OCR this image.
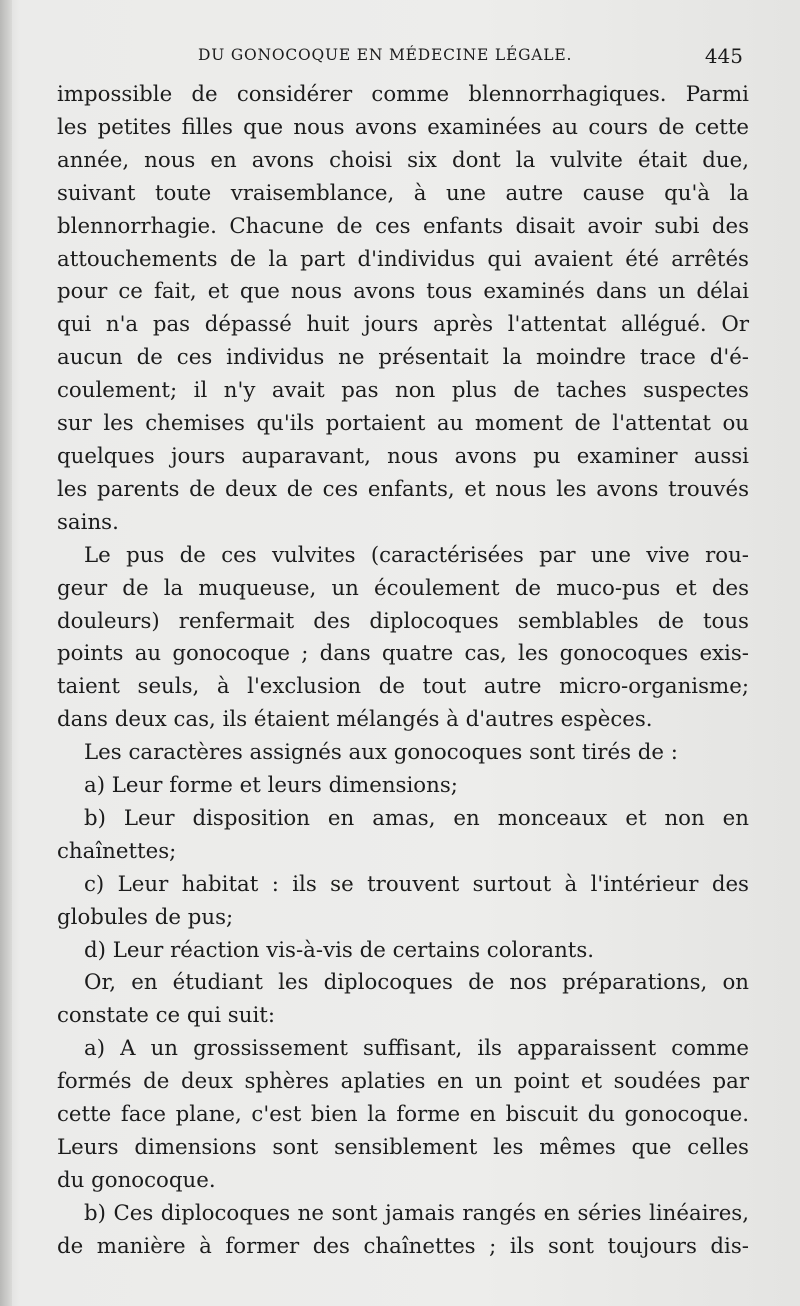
DU GONOCOQUE EN MÉDECINE LÉGALE.	445
impossible de considérer comme blennorrhagiques. Parmi
les petites filles que nous avons examinées au cours de cette
année, nous en avons choisi six dont la vulvite était due,
suivant toute vraisemblance, à une autre cause qu'à la
blennorrhagie. Chacune de ces enfants disait avoir subi des
attouchements de la part d'individus qui avaient été arrêtés
pour ce fait, et que nous avons tous examinés dans un délai
qui n'a pas dépassé huit jours après l'attentat allégué. Or
aucun de ces individus ne présentait la moindre trace d'é-
coulement; il n'y avait pas non plus de taches suspectes
sur les chemises qu'ils portaient au moment de l'attentat ou
quelques jours auparavant, nous avons pu examiner aussi
les parents de deux de ces enfants, et nous les avons trouvés
sains.
Le pus de ces vulvites (caractérisées par une vive rou-
geur de la muqueuse, un écoulement de muco-pus et des
douleurs) renfermait des diplocoques semblables de tous
points au gonocoque ; dans quatre cas, les gonocoques exis-
taient seuls, à l'exclusion de tout autre micro-organisme;
dans deux cas, ils étaient mélangés à d'autres espèces.
Les caractères assignés aux gonocoques sont tirés de :
a) Leur forme et leurs dimensions;
b) Leur disposition en amas, en monceaux et non en
chaînettes;
c) Leur habitat : ils se trouvent surtout à l'intérieur des
globules de pus;
d) Leur réaction vis-à-vis de certains colorants.
Or, en étudiant les diplocoques de nos préparations, on
constate ce qui suit:
a) A un grossissement suffisant, ils apparaissent comme
formés de deux sphères aplaties en un point et soudées par
cette face plane, c'est bien la forme en biscuit du gonocoque.
Leurs dimensions sont sensiblement les mêmes que celles
du gonocoque.
b) Ces diplocoques ne sont jamais rangés en séries linéaires,
de manière à former des chaînettes ; ils sont toujours dis-
